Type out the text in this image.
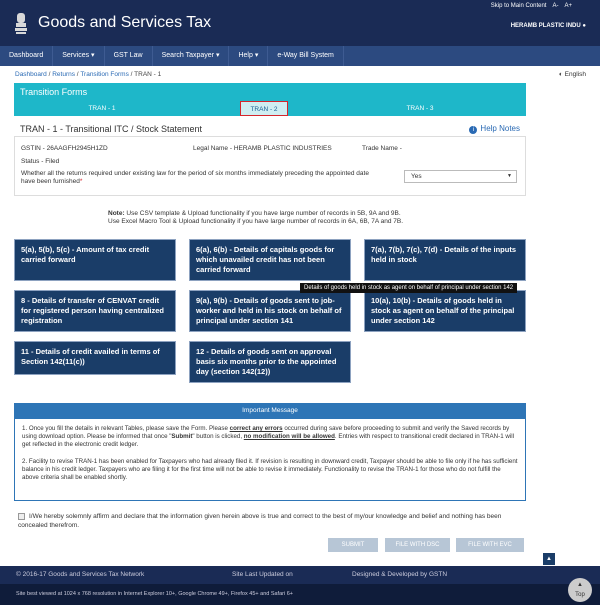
Skip to Main Content A- A+
Goods and Services Tax	HERAMB PLASTIC INDU ●
Dashboard	Services ▾	GST Law	Search Taxpayer ▾	Help ▾	e-Way Bill System
Dashboard / Returns / Transition Forms / TRAN - 1	◐ English
Transition Forms
TRAN - 1	TRAN - 2	TRAN - 3
TRAN - 1 - Transitional ITC / Stock Statement	i Help Notes
GSTIN - 26AAGFH2945H1ZD	Legal Name - HERAMB PLASTIC INDUSTRIES	Trade Name -
Status - Filed
Whether all the returns required under existing law for the period of six months immediately preceding the appointed date have been furnished*
Yes	▼
Note: Use CSV template & Upload functionality if you have large number of records in 5B, 9A and 9B.
Use Excel Macro Tool & Upload functionality if you have large number of records in 6A, 6B, 7A and 7B.
5(a), 5(b), 5(c) - Amount of tax credit carried forward
6(a), 6(b) - Details of capitals goods for which unavailed credit has not been carried forward
7(a), 7(b), 7(c), 7(d) - Details of the inputs held in stock
8 - Details of transfer of CENVAT credit for registered person having centralized registration
9(a), 9(b) - Details of goods sent to job-worker and held in his stock on behalf of principal under section 141
10(a), 10(b) - Details of goods held in stock as agent on behalf of the principal under section 142
11 - Details of credit availed in terms of Section 142(11(c))
12 - Details of goods sent on approval basis six months prior to the appointed day (section 142(12))
Details of goods held in stock as agent on behalf of principal under section 142
Important Message

1. Once you fill the details in relevant Tables, please save the Form. Please correct any errors occurred during save before proceeding to submit and verify the Saved records by using download option. Please be informed that once "Submit" button is clicked, no modification will be allowed. Entries with respect to transitional credit declared in TRAN-1 will get reflected in the electronic credit ledger.

2. Facility to revise TRAN-1 has been enabled for Taxpayers who had already filed it. If revision is resulting in downward credit, Taxpayer should be able to file only if he has sufficient balance in his credit ledger. Taxpayers who are filing it for the first time will not be able to revise it immediately. Functionality to revise the TRAN-1 for those who do not fulfill the above criteria shall be enabled shortly.

I/We hereby solemnly affirm and declare that the information given herein above is true and correct to the best of my/our knowledge and belief and nothing has been concealed therefrom.
SUBMIT	FILE WITH DSC	FILE WITH EVC
▲
© 2016-17 Goods and Services Tax Network	Site Last Updated on	Designed & Developed by GSTN
Site best viewed at 1024 x 768 resolution in Internet Explorer 10+, Google Chrome 49+, Firefox 45+ and Safari 6+
▲
Top
